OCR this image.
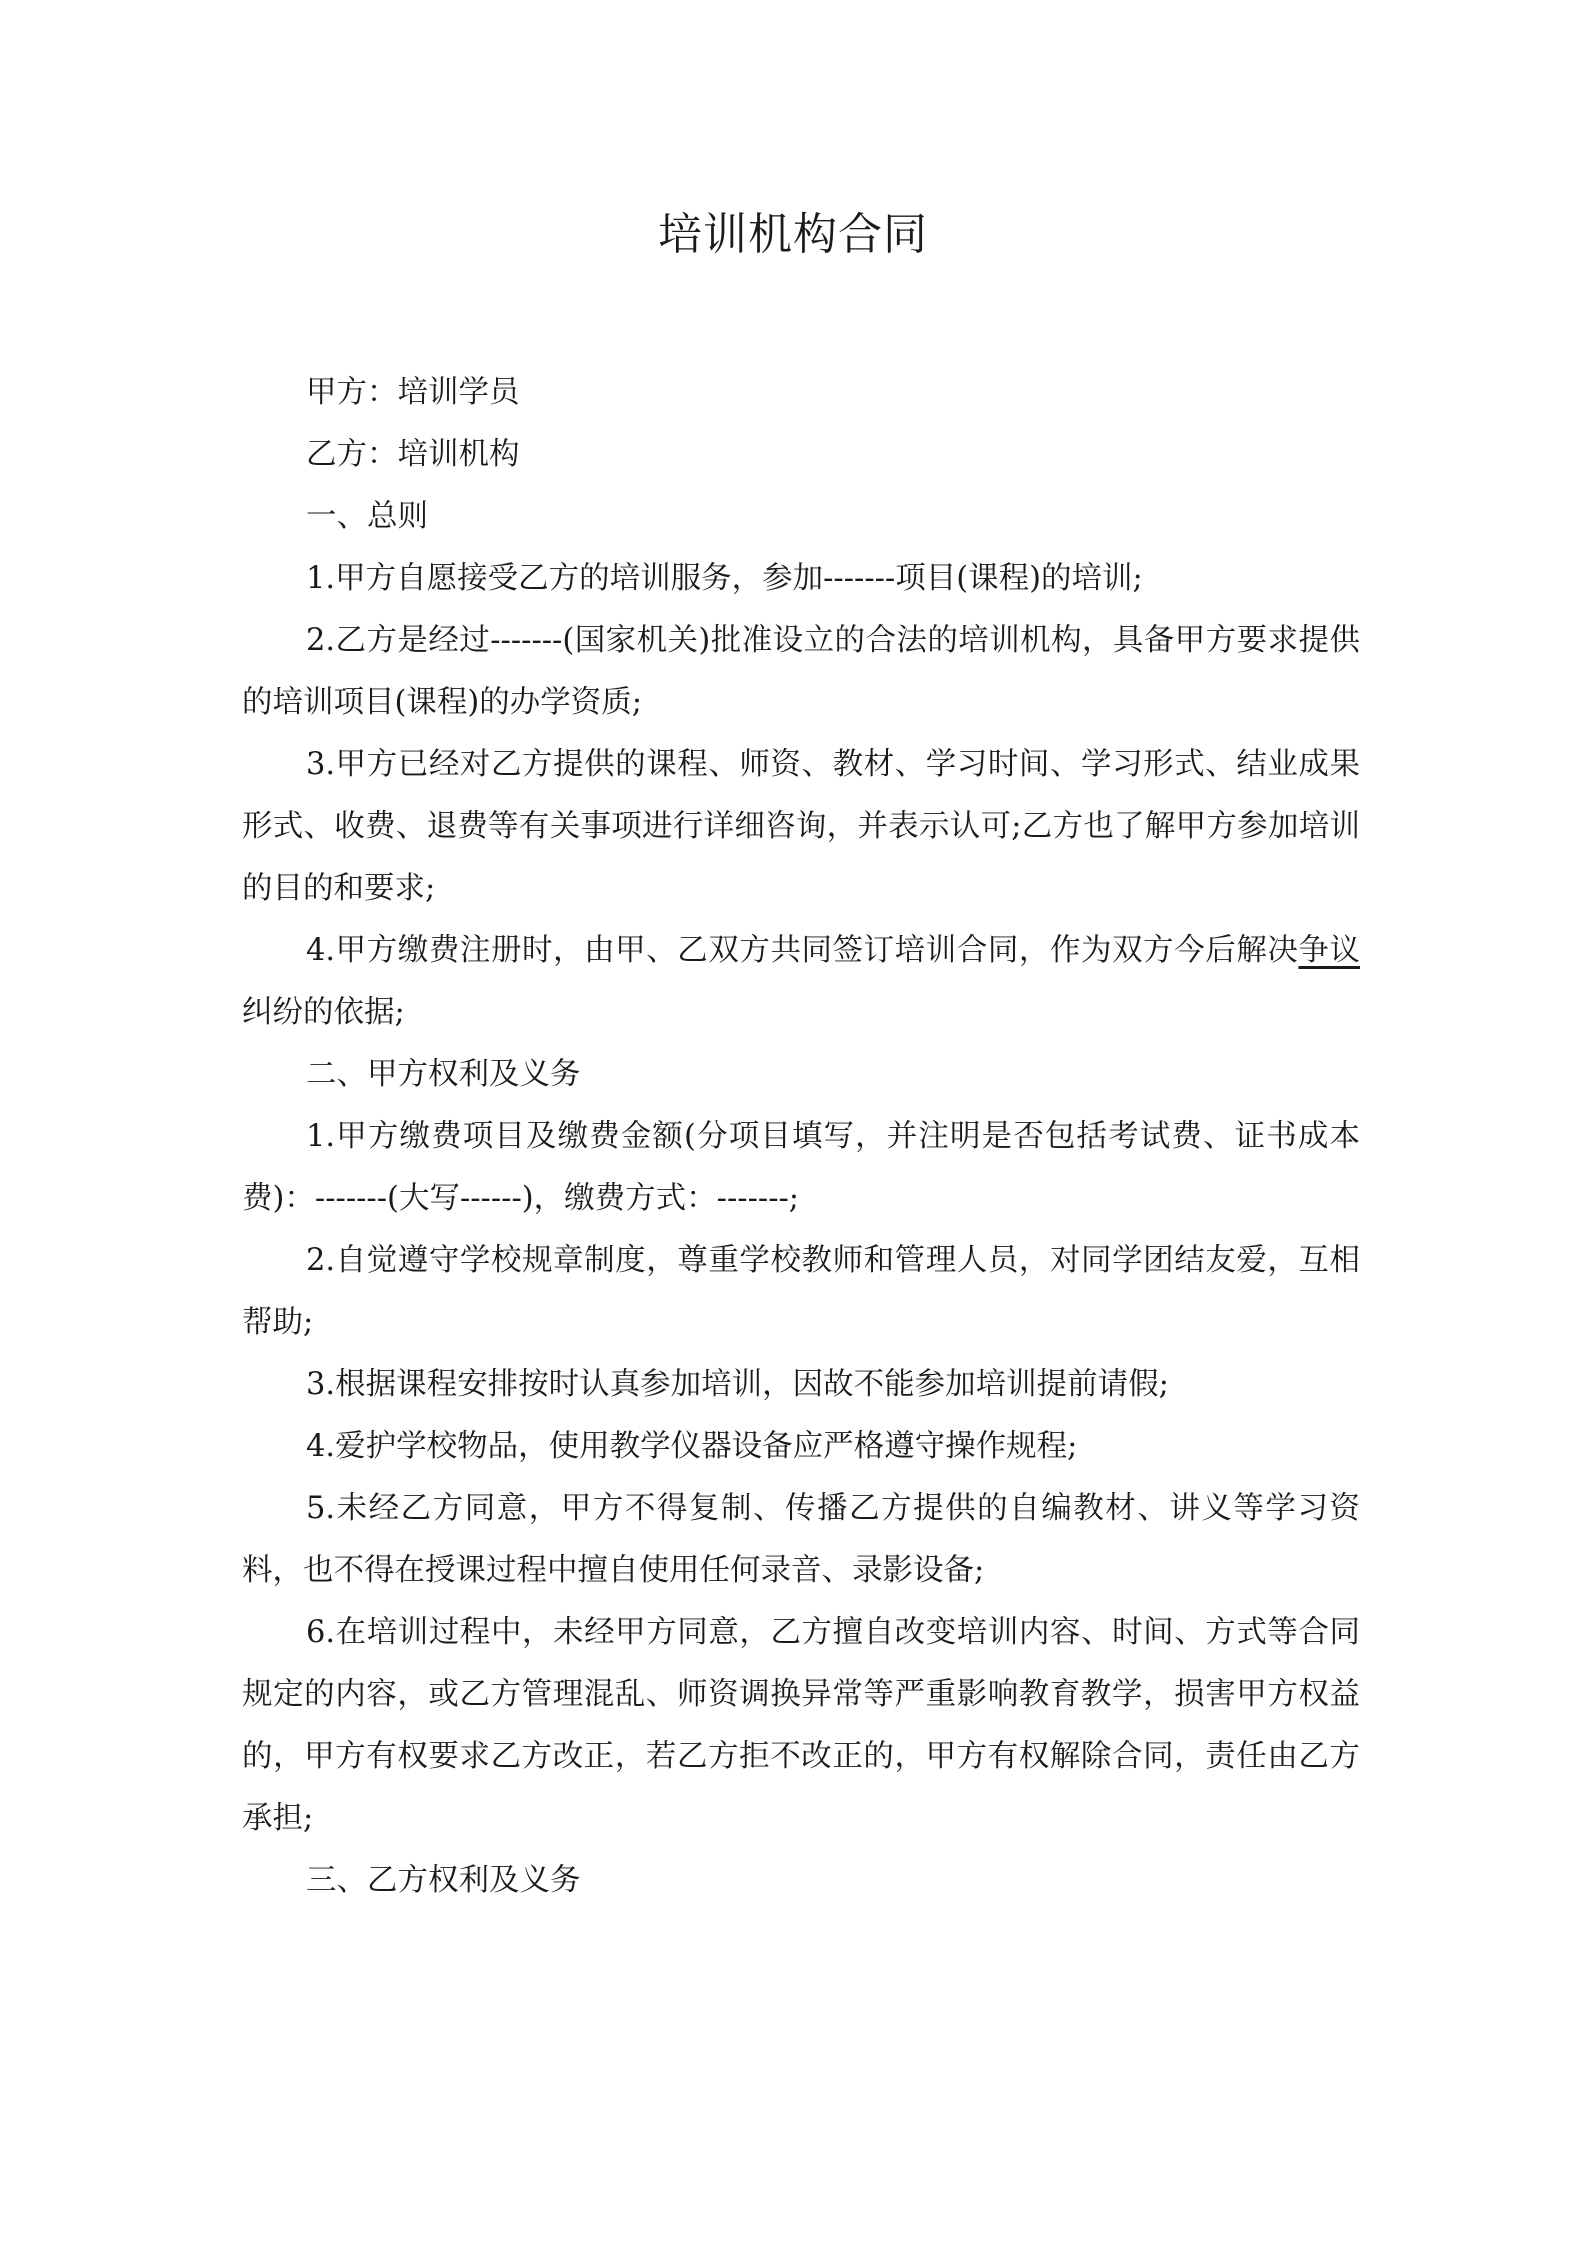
培训机构合同

甲方：培训学员

乙方：培训机构

一、总则

1.甲方自愿接受乙方的培训服务，参加-------项目(课程)的培训;

2.乙方是经过-------(国家机关)批准设立的合法的培训机构，具备甲方要求提供的培训项目(课程)的办学资质;

3.甲方已经对乙方提供的课程、师资、教材、学习时间、学习形式、结业成果形式、收费、退费等有关事项进行详细咨询，并表示认可;乙方也了解甲方参加培训的目的和要求;

4.甲方缴费注册时，由甲、乙双方共同签订培训合同，作为双方今后解决争议纠纷的依据;

二、甲方权利及义务

1.甲方缴费项目及缴费金额(分项目填写，并注明是否包括考试费、证书成本费)：-------(大写------)，缴费方式：-------;

2.自觉遵守学校规章制度，尊重学校教师和管理人员，对同学团结友爱，互相帮助;

3.根据课程安排按时认真参加培训，因故不能参加培训提前请假;

4.爱护学校物品，使用教学仪器设备应严格遵守操作规程;

5.未经乙方同意，甲方不得复制、传播乙方提供的自编教材、讲义等学习资料，也不得在授课过程中擅自使用任何录音、录影设备;

6.在培训过程中，未经甲方同意，乙方擅自改变培训内容、时间、方式等合同规定的内容，或乙方管理混乱、师资调换异常等严重影响教育教学，损害甲方权益的，甲方有权要求乙方改正，若乙方拒不改正的，甲方有权解除合同，责任由乙方承担;

三、乙方权利及义务
